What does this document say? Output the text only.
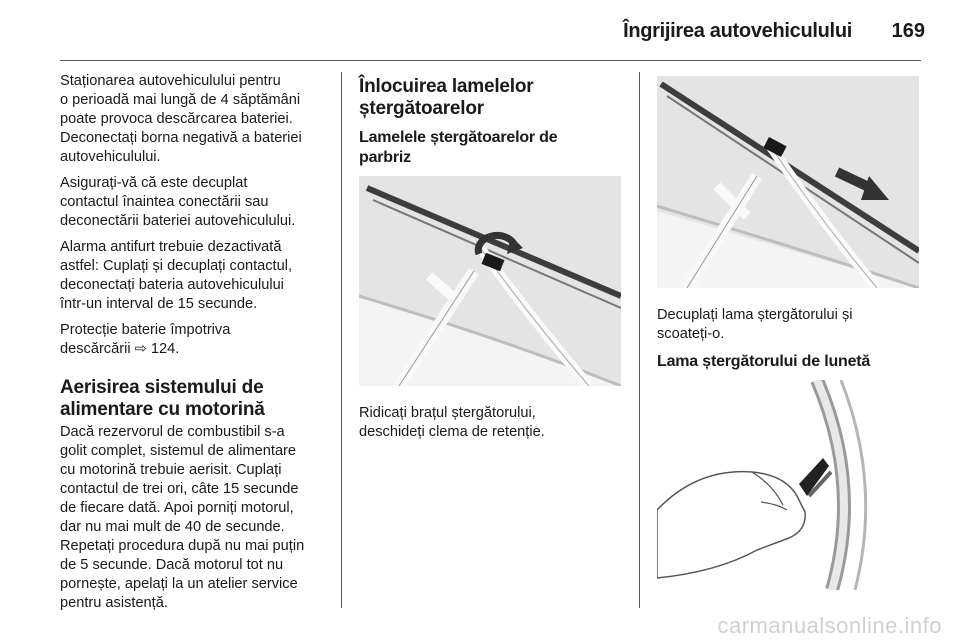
Îngrijirea autovehiculului	169

Staționarea autovehiculului pentru
o perioadă mai lungă de 4 săptămâni
poate provoca descărcarea bateriei.
Deconectați borna negativă a bateriei
autovehiculului.

Asigurați-vă că este decuplat
contactul înaintea conectării sau
deconectării bateriei autovehiculului.

Alarma antifurt trebuie dezactivată
astfel: Cuplați și decuplați contactul,
deconectați bateria autovehiculului
într-un interval de 15 secunde.

Protecție baterie împotriva
descărcării ⇨ 124.

Aerisirea sistemului de
alimentare cu motorină

Dacă rezervorul de combustibil s-a
golit complet, sistemul de alimentare
cu motorină trebuie aerisit. Cuplați
contactul de trei ori, câte 15 secunde
de fiecare dată. Apoi porniți motorul,
dar nu mai mult de 40 de secunde.
Repetați procedura după nu mai puțin
de 5 secunde. Dacă motorul tot nu
pornește, apelați la un atelier service
pentru asistență.

Înlocuirea lamelelor
ștergătoarelor
Lamelele ștergătoarelor de
parbriz

Ridicați brațul ștergătorului,
deschideți clema de retenție.

Decuplați lama ștergătorului și
scoateți-o.

Lama ștergătorului de lunetă
carmanualsonline.info
